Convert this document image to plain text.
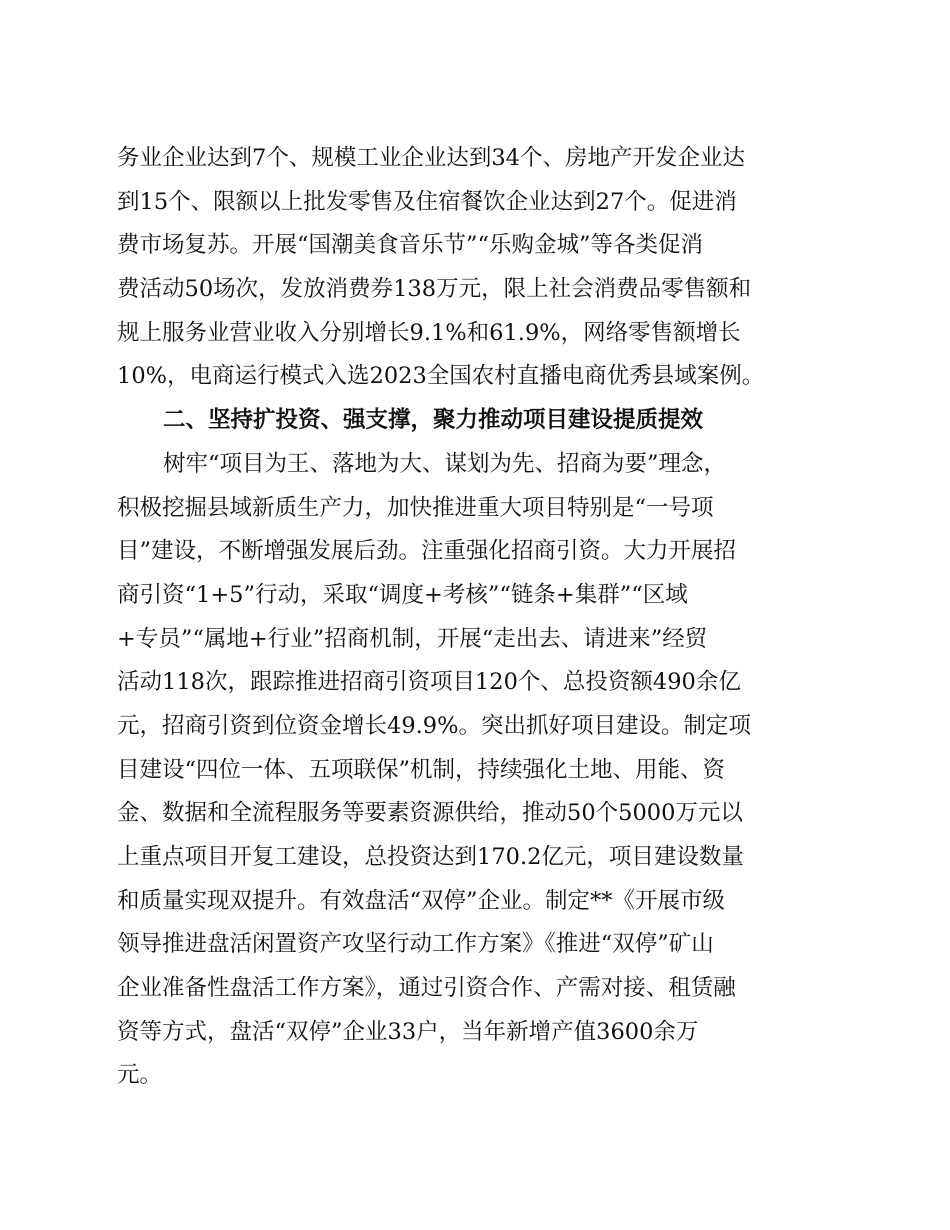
务业企业达到7个、规模工业企业达到34个、房地产开发企业达
到15个、限额以上批发零售及住宿餐饮企业达到27个。促进消
费市场复苏。开展“国潮美食音乐节”“乐购金城”等各类促消
费活动50场次，发放消费券138万元，限上社会消费品零售额和
规上服务业营业收入分别增长9.1%和61.9%，网络零售额增长
10%，电商运行模式入选2023全国农村直播电商优秀县域案例。
二、坚持扩投资、强支撑，聚力推动项目建设提质提效
树牢“项目为王、落地为大、谋划为先、招商为要”理念，
积极挖掘县域新质生产力，加快推进重大项目特别是“一号项
目”建设，不断增强发展后劲。注重强化招商引资。大力开展招
商引资“1+5”行动，采取“调度+考核”“链条+集群”“区域
+专员”“属地+行业”招商机制，开展“走出去、请进来”经贸
活动118次，跟踪推进招商引资项目120个、总投资额490余亿
元，招商引资到位资金增长49.9%。突出抓好项目建设。制定项
目建设“四位一体、五项联保”机制，持续强化土地、用能、资
金、数据和全流程服务等要素资源供给，推动50个5000万元以
上重点项目开复工建设，总投资达到170.2亿元，项目建设数量
和质量实现双提升。有效盘活“双停”企业。制定**《开展市级
领导推进盘活闲置资产攻坚行动工作方案》《推进“双停”矿山
企业准备性盘活工作方案》，通过引资合作、产需对接、租赁融
资等方式，盘活“双停”企业33户，当年新增产值3600余万
元。
